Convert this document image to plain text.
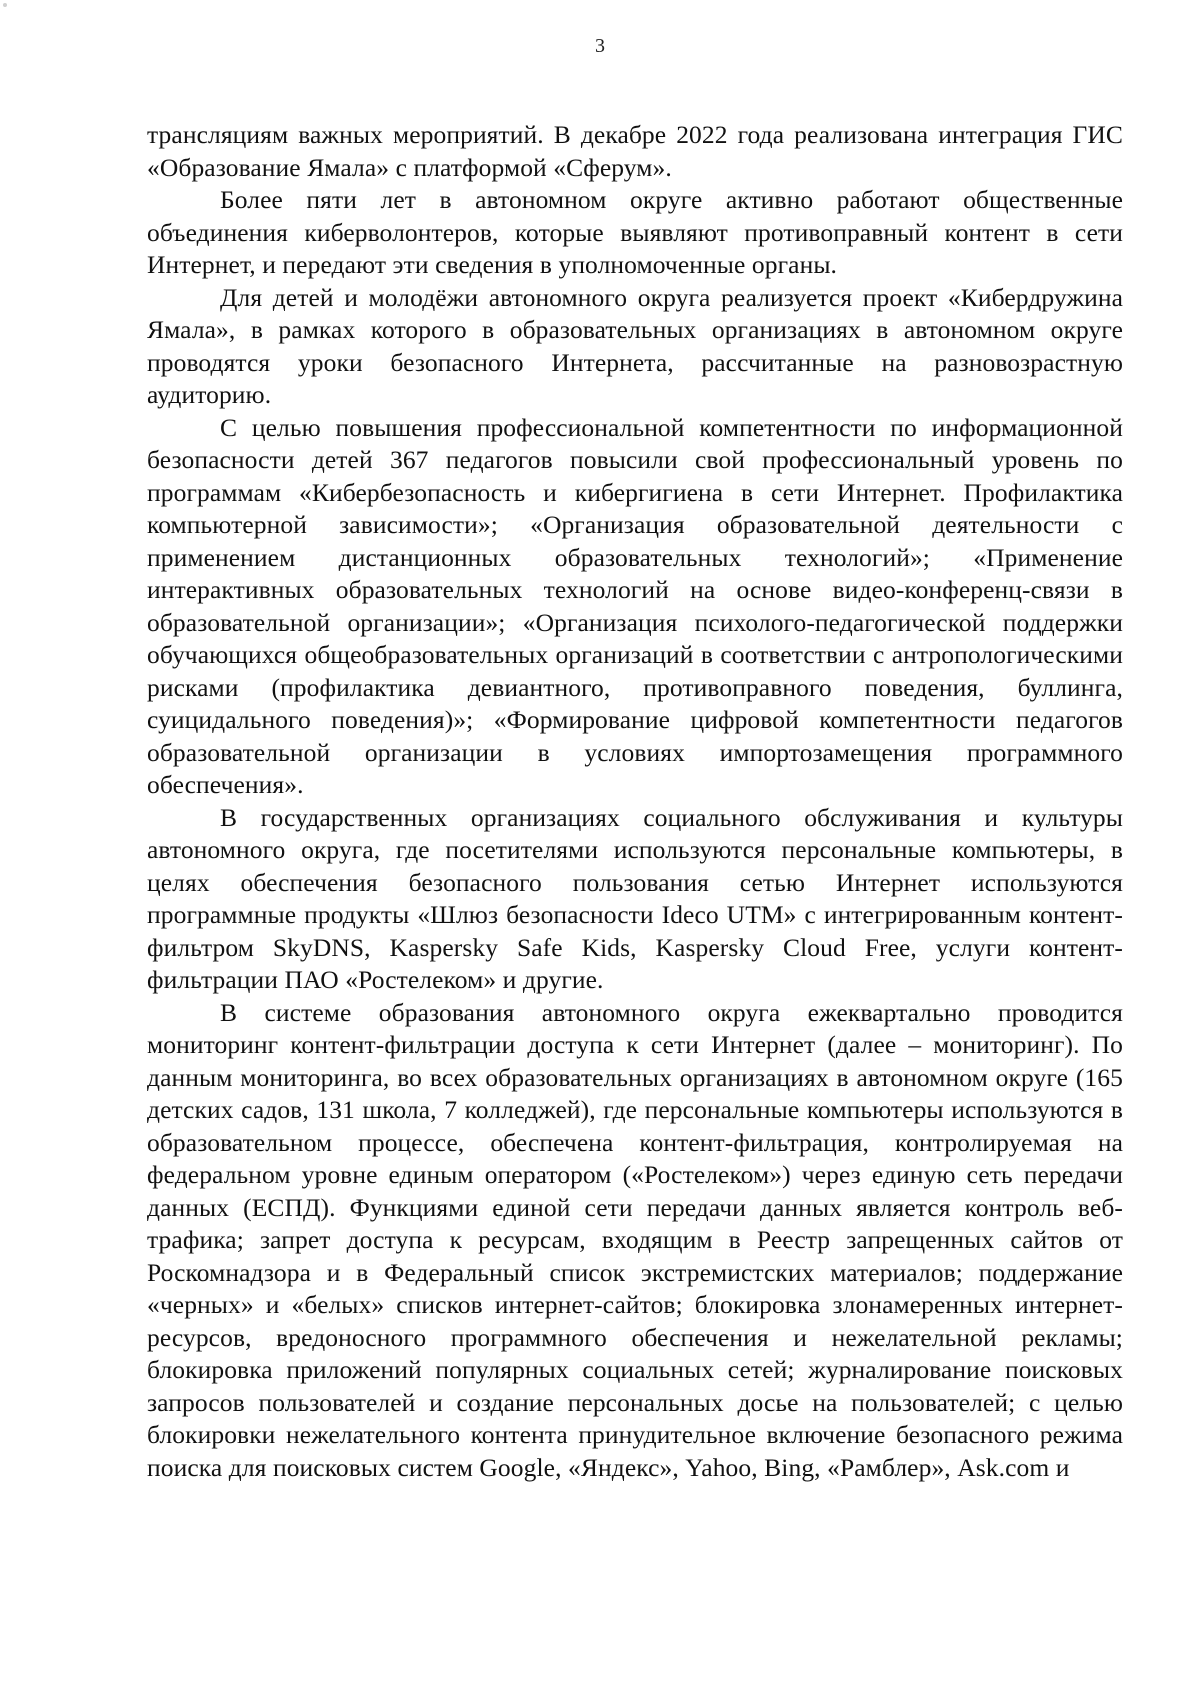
3

трансляциям важных мероприятий. В декабре 2022 года реализована интеграция ГИС «Образование Ямала» с платформой «Сферум».

Более пяти лет в автономном округе активно работают общественные объединения киберволонтеров, которые выявляют противоправный контент в сети Интернет, и передают эти сведения в уполномоченные органы.

Для детей и молодёжи автономного округа реализуется проект «Кибердружина Ямала», в рамках которого в образовательных организациях в автономном округе проводятся уроки безопасного Интернета, рассчитанные на разновозрастную аудиторию.

С целью повышения профессиональной компетентности по информационной безопасности детей 367 педагогов повысили свой профессиональный уровень по программам «Кибербезопасность и кибергигиена в сети Интернет. Профилактика компьютерной зависимости»; «Организация образовательной деятельности с применением дистанционных образовательных технологий»; «Применение интерактивных образовательных технологий на основе видео-конференц-связи в образовательной организации»; «Организация психолого-педагогической поддержки обучающихся общеобразовательных организаций в соответствии с антропологическими рисками (профилактика девиантного, противоправного поведения, буллинга, суицидального поведения)»; «Формирование цифровой компетентности педагогов образовательной организации в условиях импортозамещения программного обеспечения».

В государственных организациях социального обслуживания и культуры автономного округа, где посетителями используются персональные компьютеры, в целях обеспечения безопасного пользования сетью Интернет используются программные продукты «Шлюз безопасности Ideco UTM» с интегрированным контент-фильтром SkyDNS, Kaspersky Safe Kids, Kaspersky Cloud Free, услуги контент-фильтрации ПАО «Ростелеком» и другие.

В системе образования автономного округа ежеквартально проводится мониторинг контент-фильтрации доступа к сети Интернет (далее – мониторинг). По данным мониторинга, во всех образовательных организациях в автономном округе (165 детских садов, 131 школа, 7 колледжей), где персональные компьютеры используются в образовательном процессе, обеспечена контент-фильтрация, контролируемая на федеральном уровне единым оператором («Ростелеком») через единую сеть передачи данных (ЕСПД). Функциями единой сети передачи данных является контроль веб-трафика; запрет доступа к ресурсам, входящим в Реестр запрещенных сайтов от Роскомнадзора и в Федеральный список экстремистских материалов; поддержание «черных» и «белых» списков интернет-сайтов; блокировка злонамеренных интернет-ресурсов, вредоносного программного обеспечения и нежелательной рекламы; блокировка приложений популярных социальных сетей; журналирование поисковых запросов пользователей и создание персональных досье на пользователей; с целью блокировки нежелательного контента принудительное включение безопасного режима поиска для поисковых систем Google, «Яндекс», Yahoo, Bing, «Рамблер», Ask.com и
